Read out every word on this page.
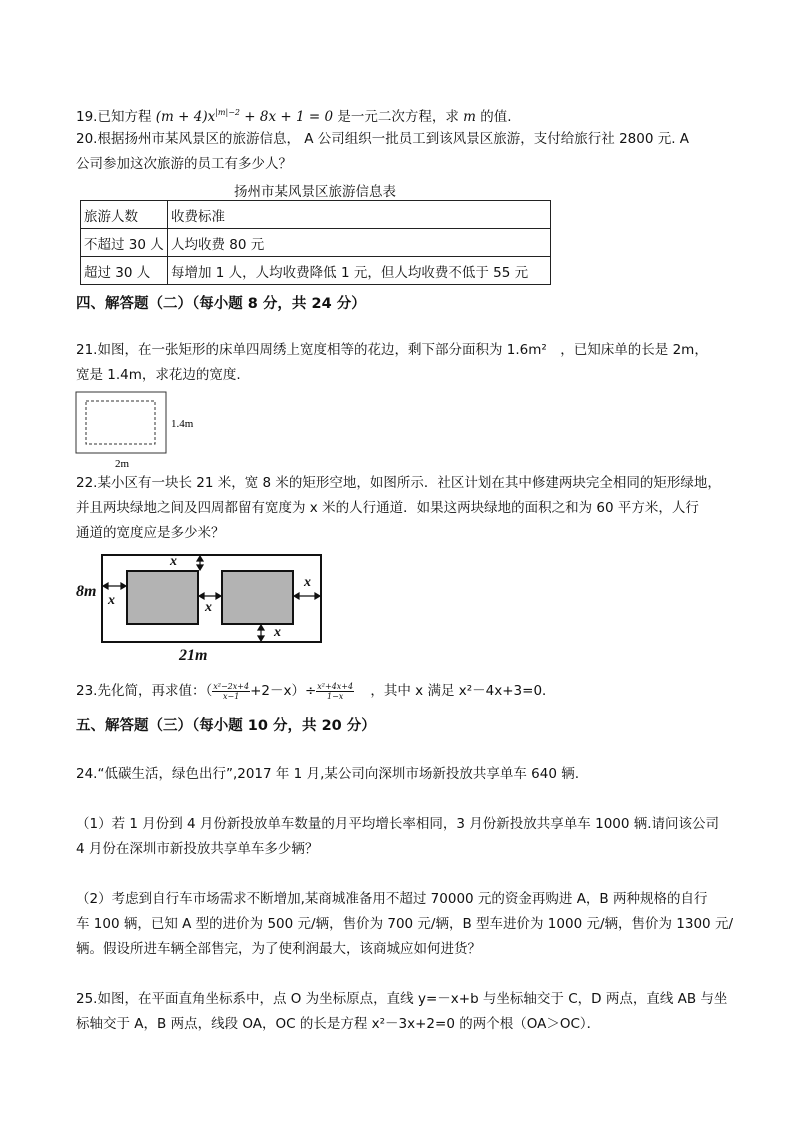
19.已知方程 $(m + 4)x^{|m|-2} + 8x + 1 = 0$ 是一元二次方程，求 m 的值.
20.根据扬州市某风景区的旅游信息， A 公司组织一批员工到该风景区旅游，支付给旅行社 2800 元. A
公司参加这次旅游的员工有多少人？
扬州市某风景区旅游信息表
旅游人数	收费标准
不超过 30 人	人均收费 80 元
超过 30 人	每增加 1 人，人均收费降低 1 元，但人均收费不低于 55 元
四、解答题（二）（每小题 8 分，共 24 分）
21.如图，在一张矩形的床单四周绣上宽度相等的花边，剩下部分面积为 1.6m²　，已知床单的长是 2m，
宽是 1.4m，求花边的宽度.
1.4m
2m
22.某小区有一块长 21 米，宽 8 米的矩形空地，如图所示．社区计划在其中修建两块完全相同的矩形绿地，
并且两块绿地之间及四周都留有宽度为 x 米的人行通道．如果这两块绿地的面积之和为 60 平方米，人行
通道的宽度应是多少米？
x
x	x
x
x
8m
21m
23.先化简，再求值：（ $\frac{\text{x²−2x+4}}{x-1} +2-x)\div \frac{\text{x²+4x+4}}{1-x}$ ，其中 x 满足 x²－4x+3=0．
五、解答题（三）（每小题 10 分，共 20 分）
24.“低碳生活，绿色出行”,2017 年 1 月,某公司向深圳市场新投放共享单车 640 辆.
（1）若 1 月份到 4 月份新投放单车数量的月平均增长率相同，3 月份新投放共享单车 1000 辆.请问该公司
4 月份在深圳市新投放共享单车多少辆？
（2）考虑到自行车市场需求不断增加,某商城准备用不超过 70000 元的资金再购进 A，B 两种规格的自行
车 100 辆，已知 A 型的进价为 500 元/辆，售价为 700 元/辆，B 型车进价为 1000 元/辆，售价为 1300 元/
辆。假设所进车辆全部售完，为了使利润最大，该商城应如何进货？
25.如图，在平面直角坐标系中，点 O 为坐标原点，直线 y=－x+b 与坐标轴交于 C，D 两点，直线 AB 与坐
标轴交于 A，B 两点，线段 OA，OC 的长是方程 x²－3x+2=0 的两个根（OA＞OC）．
